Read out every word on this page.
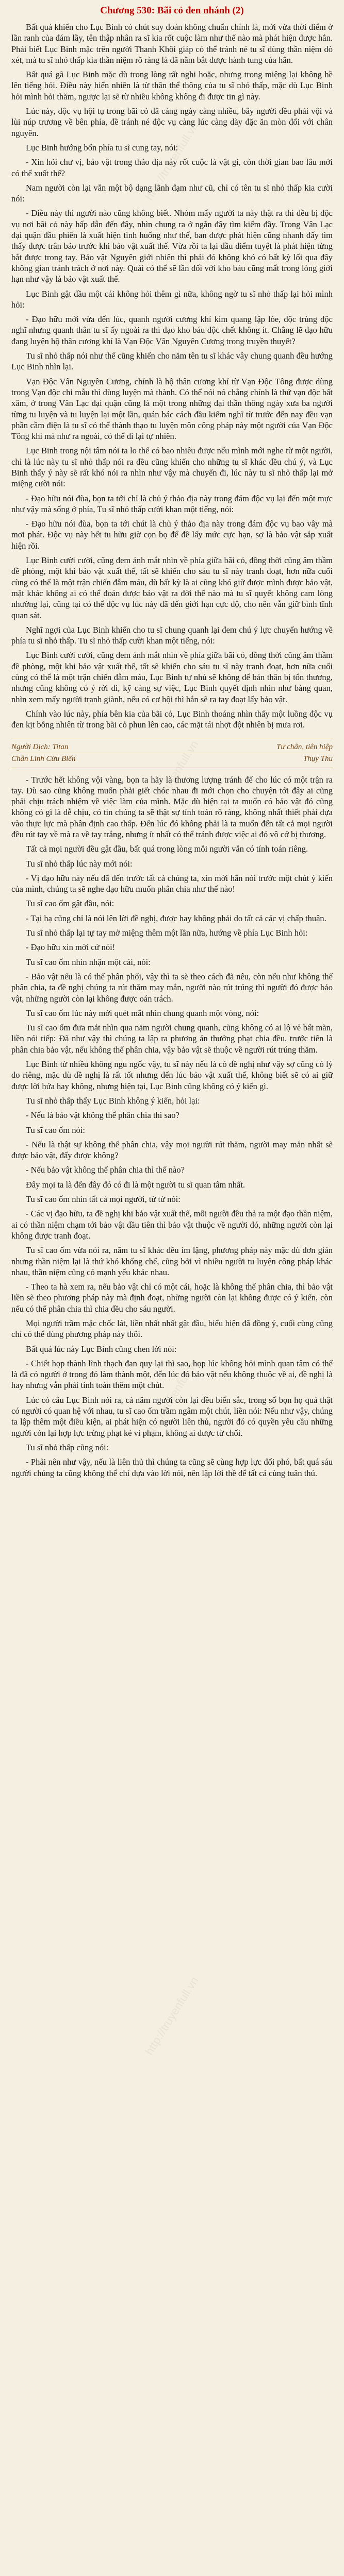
http://truyenfull.vn
http://truyenfull.vn
http://truyenfull.vn
http://truyenfull.vn
Chương 530: Bãi cỏ đen nhánh (2)

Bất quá khiến cho Lục Binh có chút suy đoán không chuẩn chính là, mới vừa thời điểm ở lần ranh của đám lầy, tên thập nhân ra sĩ kia rốt cuộc làm như thế nào mà phát hiện được hắn. Phải biết Lục Binh mặc trên người Thanh Khôi giáp có thể tránh né tu sĩ dùng thần niệm dò xét, mà tu sĩ nhỏ thấp kia thần niệm rõ ràng là đã nằm bắt được hành tung của hắn.

Bất quá gã Lục Binh mặc dù trong lòng rất nghi hoặc, nhưng trong miệng lại không hề lên tiếng hỏi. Điều này hiển nhiên là từ thân thể thông của tu sĩ nhỏ thấp, mặc dù Lục Binh hỏi mình hỏi thăm, ngược lại sẽ từ nhiều không không đi được tin gì này.

Lúc này, độc vụ hội tụ trong bãi cỏ đã càng ngày càng nhiều, bây người đều phải vội và lùi núp trương về bên phía, đề tránh né độc vụ càng lúc càng dày đặc ăn mòn đối với chân nguyên.

Lục Binh hướng bốn phía tu sĩ cung tay, nói:

- Xin hỏi chư vị, bảo vật trong thảo địa này rốt cuộc là vật gì, còn thời gian bao lâu mới có thể xuất thế?

Nam người còn lại vẫn một bộ dạng lãnh đạm như cũ, chỉ có tên tu sĩ nhỏ thấp kia cười nói:

- Điều này thì người nào cũng không biết. Nhóm mấy người ta này thật ra thì đều bị độc vụ nơi bãi cỏ này hấp dẫn đến đây, nhìn chung ra ở ngắn đây tìm kiếm đầy. Trong Vân Lạc đại quận đầu phiên là xuất hiện tình huống như thế, ban được phát hiện cũng nhanh đấy tìm thấy được trân bảo trước khi bảo vật xuất thế. Vừa rồi ta lại đầu điểm tuyệt là phát hiện từng bắt được trong tay. Bảo vật Nguyên giới nhiên thì phải đó không khó có bất kỳ lối qua đây không gian tránh trách ở nơi này. Quái có thể sẽ lần đối với kho báu cũng mất trong lòng giới hạn như vậy là bảo vật xuất thế.

Lục Binh gật đầu một cái không hỏi thêm gì nữa, không ngờ tu sĩ nhỏ thấp lại hỏi mình hỏi:

- Đạo hữu mới vừa đến lúc, quanh người cương khí kim quang lập lòe, độc trùng độc nghĩ nhưng quanh thân tu sĩ ấy ngoài ra thì dạo kho báu độc chết không ít. Chẳng lẽ đạo hữu đang luyện hộ thân cương khí là Vạn Độc Vân Nguyên Cương trong truyền thuyết?

Tu sĩ nhỏ thấp nói như thế cũng khiến cho năm tên tu sĩ khác vây chung quanh đều hướng Lục Binh nhìn lại.

Vạn Độc Vân Nguyên Cương, chính là hộ thân cương khí từ Vạn Độc Tông được dùng trong Vạn độc chi mẫu thì dùng luyện mà thành. Có thể nói nó chẳng chính là thứ vạn độc bất xâm, ở trong Vân Lạc đại quận cũng là một trong những đại thần thông ngày xưa ba người từng tu luyện và tu luyện lại một lần, quán bác cách đầu kiếm nghĩ từ trước đến nay đều vạn phần cầm điện là tu sĩ có thể thành thạo tu luyện môn công pháp này một người của Vạn Độc Tông khi mà như ra ngoài, có thể đi lại tự nhiên.

Lục Binh trong nội tâm nói ta lo thế có bao nhiêu được nếu mình mới nghe từ một người, chỉ là lúc này tu sĩ nhỏ thấp nói ra đều cũng khiến cho những tu sĩ khác đều chú ý, và Lục Binh thấy ý này sẽ rất khó nói ra nhìn như vậy mà chuyển đi, lúc này tu sĩ nhỏ thấp lại mở miệng cười nói:

- Đạo hữu nói đùa, bọn ta tới chỉ là chủ ý thảo địa này trong đám độc vụ lại đến một mực như vậy mà sống ở phía, Tu sĩ nhỏ thấp cười khan một tiếng, nói:

- Đạo hữu nói đùa, bọn ta tới chút là chủ ý thảo địa này trong đám độc vụ bao vây mà mơi phát. Độc vụ này hết tu hữu giờ cọn bọ để đề lấy mức cực hạn, sợ là bảo vật sắp xuất hiện rồi.

Lục Binh cười cười, cũng đem ánh mắt nhìn về phía giữa bãi cỏ, đồng thời cũng âm thầm đề phòng, một khi bảo vật xuất thế, tất sẽ khiến cho sáu tu sĩ này tranh đoạt, hơn nữa cuối cùng có thể là một trận chiến đẫm máu, dù bất kỳ là ai cũng khó giữ được mình được bảo vật, mặt khác không ai có thể đoán được bảo vật ra đời thế nào mà tu sĩ quyết không cam lòng nhường lại, cũng tại có thể độc vụ lúc này đã đến giới hạn cực độ, cho nên vẫn giữ bình tĩnh quan sát.

Nghĩ ngợi của Lục Binh khiến cho tu sĩ chung quanh lại đem chú ý lực chuyển hướng về phía tu sĩ nhỏ thấp. Tu sĩ nhỏ thấp cười khan một tiếng, nói:

Lục Binh cười cười, cũng đem ánh mắt nhìn về phía giữa bãi cỏ, đồng thời cũng âm thầm đề phòng, một khi bảo vật xuất thế, tất sẽ khiến cho sáu tu sĩ này tranh đoạt, hơn nữa cuối cùng có thể là một trận chiến đẫm máu, Lục Binh tự nhủ sẽ không để bản thân bị tổn thương, nhưng cũng không có ý rời đi, kỹ càng sự việc, Lục Binh quyết định nhìn như bàng quan, nhìn xem mấy người tranh giành, nếu có cơ hội thì hắn sẽ ra tay đoạt lấy bảo vật.

Chính vào lúc này, phía bên kia của bãi cỏ, Lục Binh thoáng nhìn thấy một luồng độc vụ đen kịt bỗng nhiên từ trong bãi cỏ phun lên cao, các mặt tái nhợt đột nhiên bị mưa rơi.

Người Dịch: Titan	Tư chân, tiên hiệp
Chân Linh Cửu Biến	Thụy Thu

- Trước hết không vội vàng, bọn ta hãy là thương lượng tránh để cho lúc có một trận ra tay. Dù sao cũng không muốn phải giết chóc nhau đi mới chọn cho chuyện tới đây ai cũng phải chịu trách nhiệm về việc làm của mình. Mặc dù hiện tại ta muốn có bảo vật đó cũng không có gì là dễ chịu, có tin chúng ta sẽ thật sự tính toán rõ ràng, không nhất thiết phải dựa vào thực lực mà phân định cao thấp. Đến lúc đó không phải là ta muốn đến tất cả mọi người đều rút tay về mà ra về tay trắng, nhưng ít nhất có thể tránh được việc ai đó vô cớ bị thương.

Tất cả mọi người đều gật đầu, bất quá trong lòng mỗi người vẫn có tính toán riêng.

Tu sĩ nhỏ thấp lúc này mới nói:

- Vị đạo hữu này nếu đã đến trước tất cả chúng ta, xin mời hắn nói trước một chút ý kiến của mình, chúng ta sẽ nghe đạo hữu muốn phân chia như thế nào!

Tu sĩ cao ốm gật đầu, nói:

- Tại hạ cũng chỉ là nói lên lời đề nghị, được hay không phải do tất cả các vị chấp thuận.

Tu sĩ nhỏ thấp lại tự tay mở miệng thêm một lần nữa, hướng về phía Lục Binh hỏi:

- Đạo hữu xin mời cứ nói!

Tu sĩ cao ốm nhìn nhận một cái, nói:

- Bảo vật nếu là có thể phân phối, vậy thì ta sẽ theo cách đã nêu, còn nếu như không thể phân chia, ta đề nghị chúng ta rút thăm may mắn, người nào rút trúng thì người đó được bảo vật, những người còn lại không được oán trách.

Tu sĩ cao ốm lúc này mới quét mắt nhìn chung quanh một vòng, nói:

Tu sĩ cao ốm đưa mắt nhìn qua năm người chung quanh, cũng không có ai lộ vẻ bất mãn, liền nói tiếp: Đã như vậy thì chúng ta lập ra phương án thưởng phạt chia đều, trước tiên là phân chia bảo vật, nếu không thể phân chia, vậy bảo vật sẽ thuộc về người rút trúng thăm.

Lục Binh từ nhiều không ngu ngốc vậy, tu sĩ này nếu là có đề nghị như vậy sợ cũng có lý do riêng, mặc dù đề nghị là rất tốt nhưng đến lúc bảo vật xuất thế, không biết sẽ có ai giữ được lời hứa hay không, nhưng hiện tại, Lục Binh cũng không có ý kiến gì.

Tu sĩ nhỏ thấp thấy Lục Binh không ý kiến, hỏi lại:

- Nếu là bảo vật không thể phân chia thì sao?

Tu sĩ cao ốm nói:

- Nếu là thật sự không thể phân chia, vậy mọi người rút thăm, người may mắn nhất sẽ được bảo vật, đấy được không?

- Nếu bảo vật không thể phân chia thì thế nào?

Đây mọi ta là đến đây đó có đi là một người tu sĩ quan tâm nhất.

Tu sĩ cao ốm nhìn tất cả mọi người, từ từ nói:

- Các vị đạo hữu, ta đề nghị khi bảo vật xuất thế, mỗi người đều thả ra một đạo thần niệm, ai có thần niệm chạm tới bảo vật đầu tiên thì bảo vật thuộc về người đó, những người còn lại không được tranh đoạt.

Tu sĩ cao ốm vừa nói ra, năm tu sĩ khác đều im lặng, phương pháp này mặc dù đơn giản nhưng thần niệm lại là thứ khó khống chế, cũng bởi vì nhiều người tu luyện công pháp khác nhau, thần niệm cũng có mạnh yếu khác nhau.

- Theo ta hà xem ra, nếu bảo vật chỉ có một cái, hoặc là không thể phân chia, thì bảo vật liền sẽ theo phương pháp này mà định đoạt, những người còn lại không được có ý kiến, còn nếu có thể phân chia thì chia đều cho sáu người.

Mọi người trầm mặc chốc lát, liền nhất nhất gật đầu, biểu hiện đã đồng ý, cuối cùng cũng chỉ có thể dùng phương pháp này thôi.

Bất quá lúc này Lục Binh cũng chen lời nói:

- Chiết họp thành lĩnh thạch đan quy lại thì sao, họp lúc không hỏi mình quan tâm có thể là đã có người ở trong đó làm thành một, đến lúc đó bảo vật nếu không thuộc về ai, đề nghị là hay nhưng vẫn phải tính toán thêm một chút.

Lúc có câu Lục Binh nói ra, cả năm người còn lại đều biến sắc, trong số bọn họ quả thật có người có quan hệ với nhau, tu sĩ cao ốm trầm ngâm một chút, liền nói: Nếu như vậy, chúng ta lập thêm một điều kiện, ai phát hiện có người liên thủ, người đó có quyền yêu cầu những người còn lại hợp lực trừng phạt kẻ vi phạm, không ai được từ chối.

Tu sĩ nhỏ thấp cũng nói:

- Phải nên như vậy, nếu là liên thủ thì chúng ta cũng sẽ cùng hợp lực đối phó, bất quá sáu người chúng ta cũng không thể chỉ dựa vào lời nói, nên lập lời thề để tất cả cùng tuân thủ.
